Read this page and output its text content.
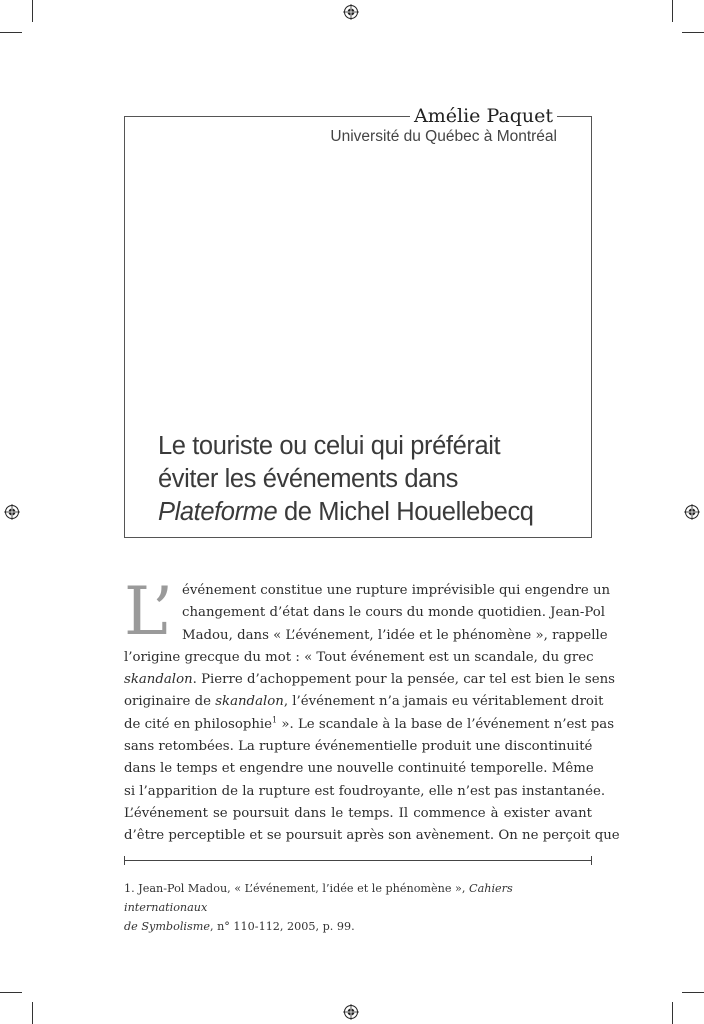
Amélie Paquet
Université du Québec à Montréal
Le touriste ou celui qui préférait
éviter les événements dans
Plateforme de Michel Houellebecq
L’ événement constitue une rupture imprévisible qui engendre un
changement d’état dans le cours du monde quotidien. Jean-Pol
Madou, dans « L’événement, l’idée et le phénomène », rappelle
l’origine grecque du mot : « Tout événement est un scandale, du grec
skandalon. Pierre d’achoppement pour la pensée, car tel est bien le sens
originaire de skandalon, l’événement n’a jamais eu véritablement droit
de cité en philosophie$^1$ ». Le scandale à la base de l’événement n’est pas
sans retombées. La rupture événementielle produit une discontinuité
dans le temps et engendre une nouvelle continuité temporelle. Même
si l’apparition de la rupture est foudroyante, elle n’est pas instantanée.
L’événement se poursuit dans le temps. Il commence à exister avant
d’être perceptible et se poursuit après son avènement. On ne perçoit que
1. Jean-Pol Madou, « L’événement, l’idée et le phénomène », Cahiers internationaux
de Symbolisme, n° 110-112, 2005, p. 99.
